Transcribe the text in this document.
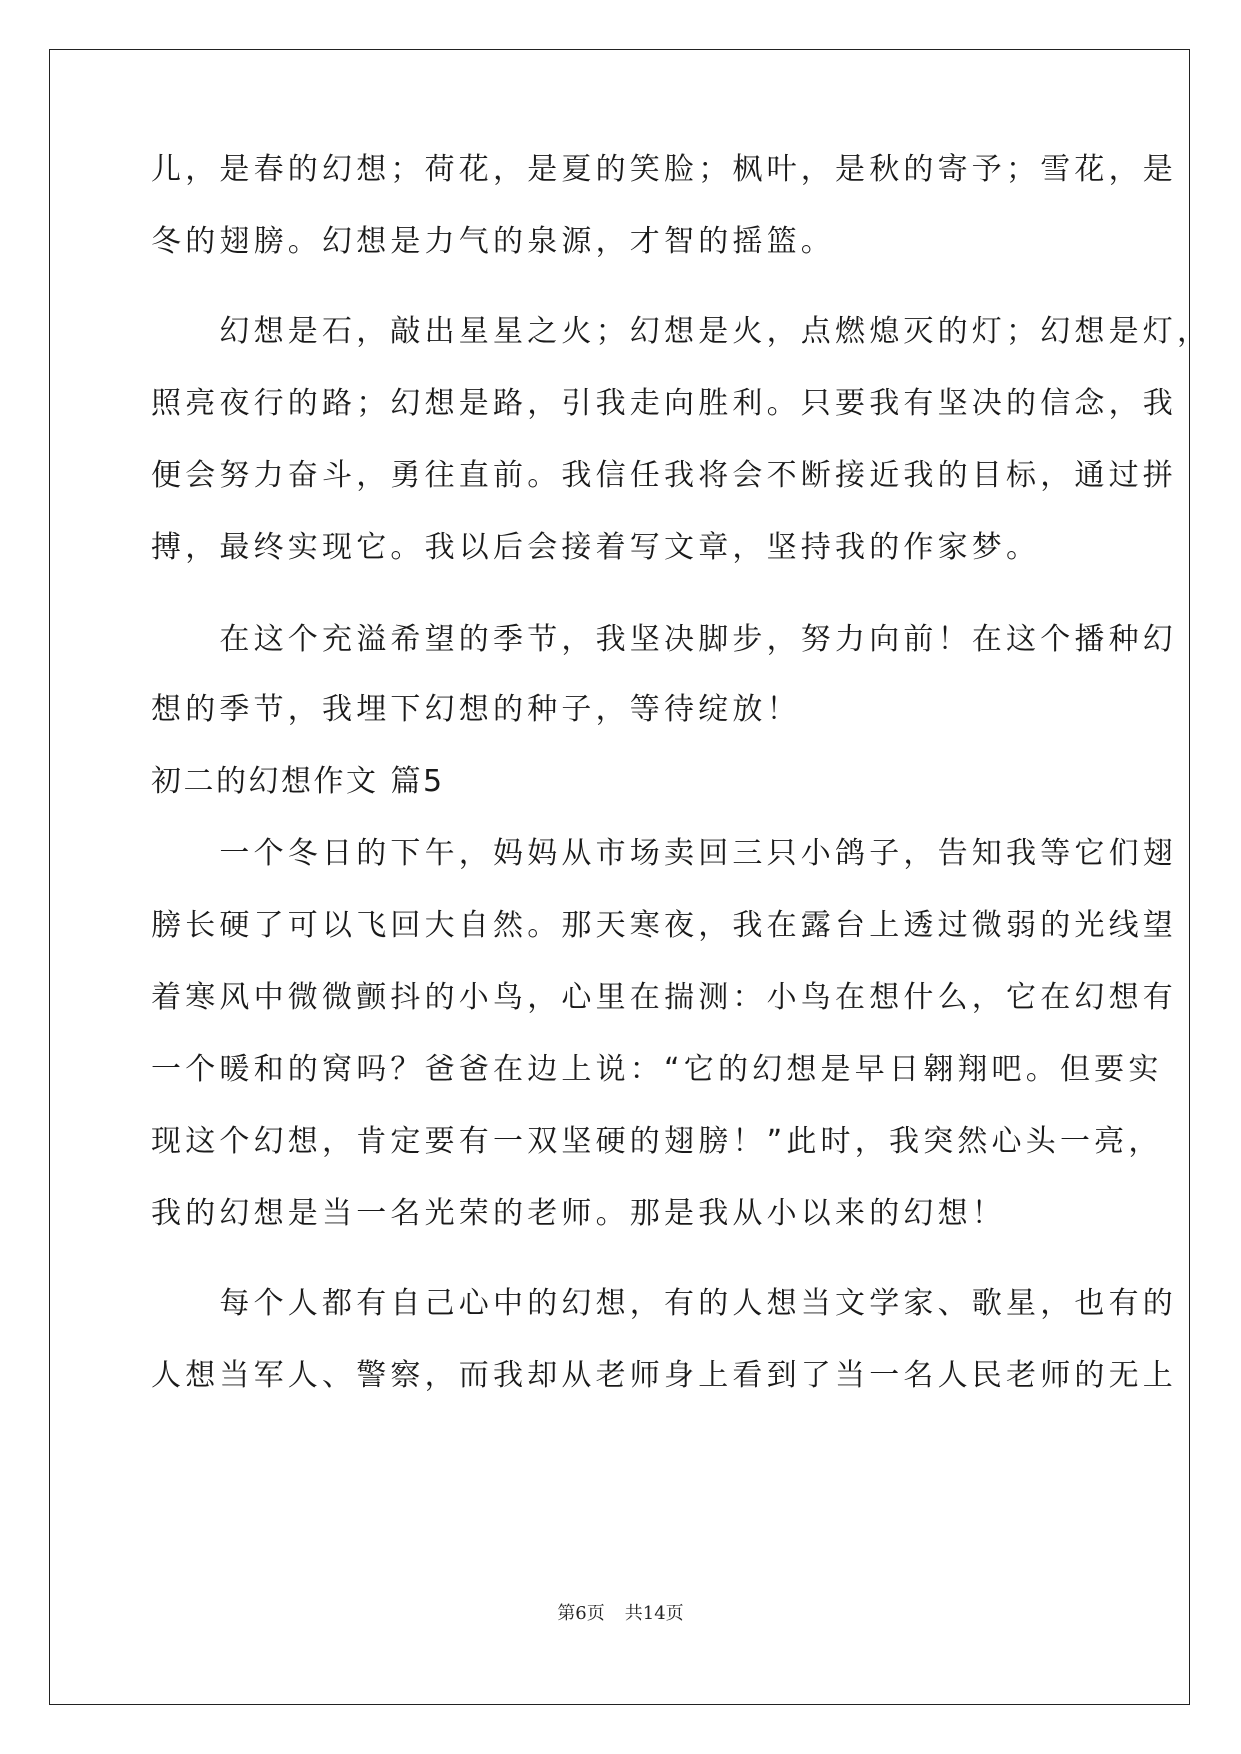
儿，是春的幻想；荷花，是夏的笑脸；枫叶，是秋的寄予；雪花，是
冬的翅膀。幻想是力气的泉源，才智的摇篮。
　　幻想是石，敲出星星之火；幻想是火，点燃熄灭的灯；幻想是灯，
照亮夜行的路；幻想是路，引我走向胜利。只要我有坚决的信念，我
便会努力奋斗，勇往直前。我信任我将会不断接近我的目标，通过拼
搏，最终实现它。我以后会接着写文章，坚持我的作家梦。
　　在这个充溢希望的季节，我坚决脚步，努力向前！在这个播种幻
想的季节，我埋下幻想的种子，等待绽放！
初二的幻想作文 篇5
　　一个冬日的下午，妈妈从市场卖回三只小鸽子，告知我等它们翅
膀长硬了可以飞回大自然。那天寒夜，我在露台上透过微弱的光线望
着寒风中微微颤抖的小鸟，心里在揣测：小鸟在想什么，它在幻想有
一个暖和的窝吗？爸爸在边上说：“它的幻想是早日翱翔吧。但要实
现这个幻想，肯定要有一双坚硬的翅膀！”此时，我突然心头一亮，
我的幻想是当一名光荣的老师。那是我从小以来的幻想！
　　每个人都有自己心中的幻想，有的人想当文学家、歌星，也有的
人想当军人、警察，而我却从老师身上看到了当一名人民老师的无上
第6页 共14页
